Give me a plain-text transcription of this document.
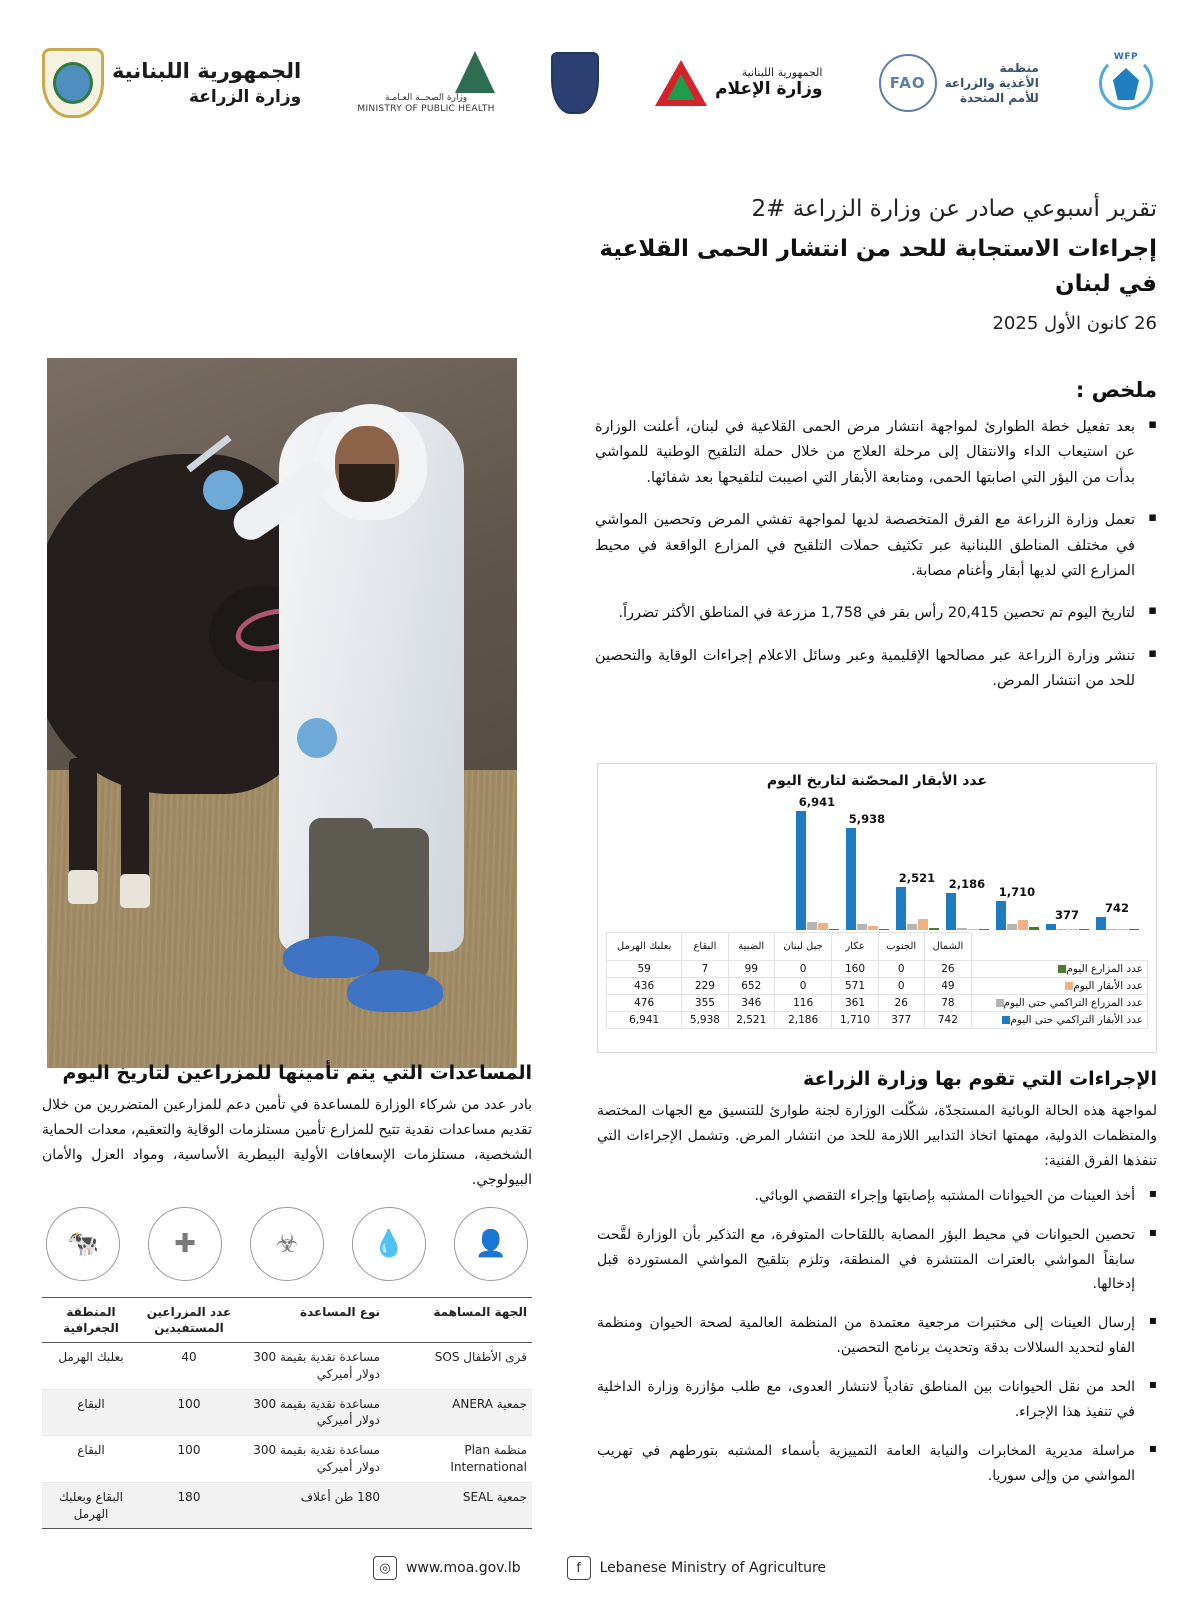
الجمهورية اللبنانية
وزارة الزراعة	وزارة الصحــة العـامـة
MINISTRY OF PUBLIC HEALTH
الجمهورية اللبنانية
وزارة الإعلام	FAO
منظمة
الأغذية والزراعة
للأمم المتحدة
WFP
تقرير أسبوعي صادر عن وزارة الزراعة #2
إجراءات الاستجابة للحد من انتشار الحمى القلاعية في لبنان
26 كانون الأول 2025
ملخص :
▪ بعد تفعيل خطة الطوارئ لمواجهة انتشار مرض الحمى القلاعية في لبنان، أعلنت الوزارة عن استيعاب الداء والانتقال إلى مرحلة العلاج من خلال حملة التلقيح الوطنية للمواشي بدأت من البؤر التي اصابتها الحمى، ومتابعة الأبقار التي اصيبت لتلقيحها بعد شفائها.
▪ تعمل وزارة الزراعة مع الفرق المتخصصة لديها لمواجهة تفشي المرض وتحصين المواشي في مختلف المناطق اللبنانية عبر تكثيف حملات التلقيح في المزارع الواقعة في محيط المزارع التي لديها أبقار وأغنام مصابة.
▪ لتاريخ اليوم تم تحصين 20,415 رأس بقر في 1,758 مزرعة في المناطق الأكثر تضرراً.
▪ تنشر وزارة الزراعة عبر مصالحها الإقليمية وعبر وسائل الاعلام إجراءات الوقاية والتحصين للحد من انتشار المرض.
عدد الأبقار المحصّنة لتاريخ اليوم
742
377
1,710
2,186
2,521
5,938
6,941
	الشمال	الجنوب	عكار	جبل لبنان	الضبية	البقاع	بعلبك الهرمل
عدد المزارع اليوم	26	0	160	0	99	7	59
عدد الأبقار اليوم	49	0	571	0	652	229	436
عدد المزراع التراكمي حتى اليوم	78	26	361	116	346	355	476
عدد الأبقار التراكمي حتى اليوم	742	377	1,710	2,186	2,521	5,938	6,941
الإجراءات التي تقوم بها وزارة الزراعة

لمواجهة هذه الحالة الوبائية المستجدّة، شكّلت الوزارة لجنة طوارئ للتنسيق مع الجهات المختصة والمنظمات الدولية، مهمتها اتخاذ التدابير اللازمة للحد من انتشار المرض. وتشمل الإجراءات التي تنفذها الفرق الفنية:

▪ أخذ العينات من الحيوانات المشتبه بإصابتها وإجراء التقصي الوبائي.
▪ تحصين الحيوانات في محيط البؤر المصابة باللقاحات المتوفرة، مع التذكير بأن الوزارة لقَّحت سابقاً المواشي بالعترات المنتشرة في المنطقة، وتلزم بتلقيح المواشي المستوردة قبل إدخالها.
▪ إرسال العينات إلى مختبرات مرجعية معتمدة من المنظمة العالمية لصحة الحيوان ومنظمة الفاو لتحديد السلالات بدقة وتحديث برنامج التحصين.
▪ الحد من نقل الحيوانات بين المناطق تفادياً لانتشار العدوى، مع طلب مؤازرة وزارة الداخلية في تنفيذ هذا الإجراء.
▪ مراسلة مديرية المخابرات والنيابة العامة التمييزية بأسماء المشتبه بتورطهم في تهريب المواشي من وإلى سوريا.
المساعدات التي يتم تأمينها للمزراعين لتاريخ اليوم

بادر عدد من شركاء الوزارة للمساعدة في تأمين دعم للمزارعين المتضررين من خلال تقديم مساعدات نقدية تتيح للمزارع تأمين مستلزمات الوقاية والتعقيم، معدات الحماية الشخصية، مستلزمات الإسعافات الأولية البيطرية الأساسية، ومواد العزل والأمان البيولوجي.

🐄	✚	☣	💧	👤
الجهة المساهمة	نوع المساعدة	عدد المزراعين المستفيدين	المنطقة الجغرافية
قرى الأطفال SOS	مساعدة نقدية بقيمة 300 دولار أميركي	40	بعلبك الهرمل
جمعية ANERA	مساعدة نقدية بقيمة 300 دولار أميركي	100	البقاع
منظمة Plan International	مساعدة نقدية بقيمة 300 دولار أميركي	100	البقاع
جمعية SEAL	180 طن أعلاف	180	البقاع وبعلبك الهرمل
◎	www.moa.gov.lb	f	Lebanese Ministry of Agriculture
